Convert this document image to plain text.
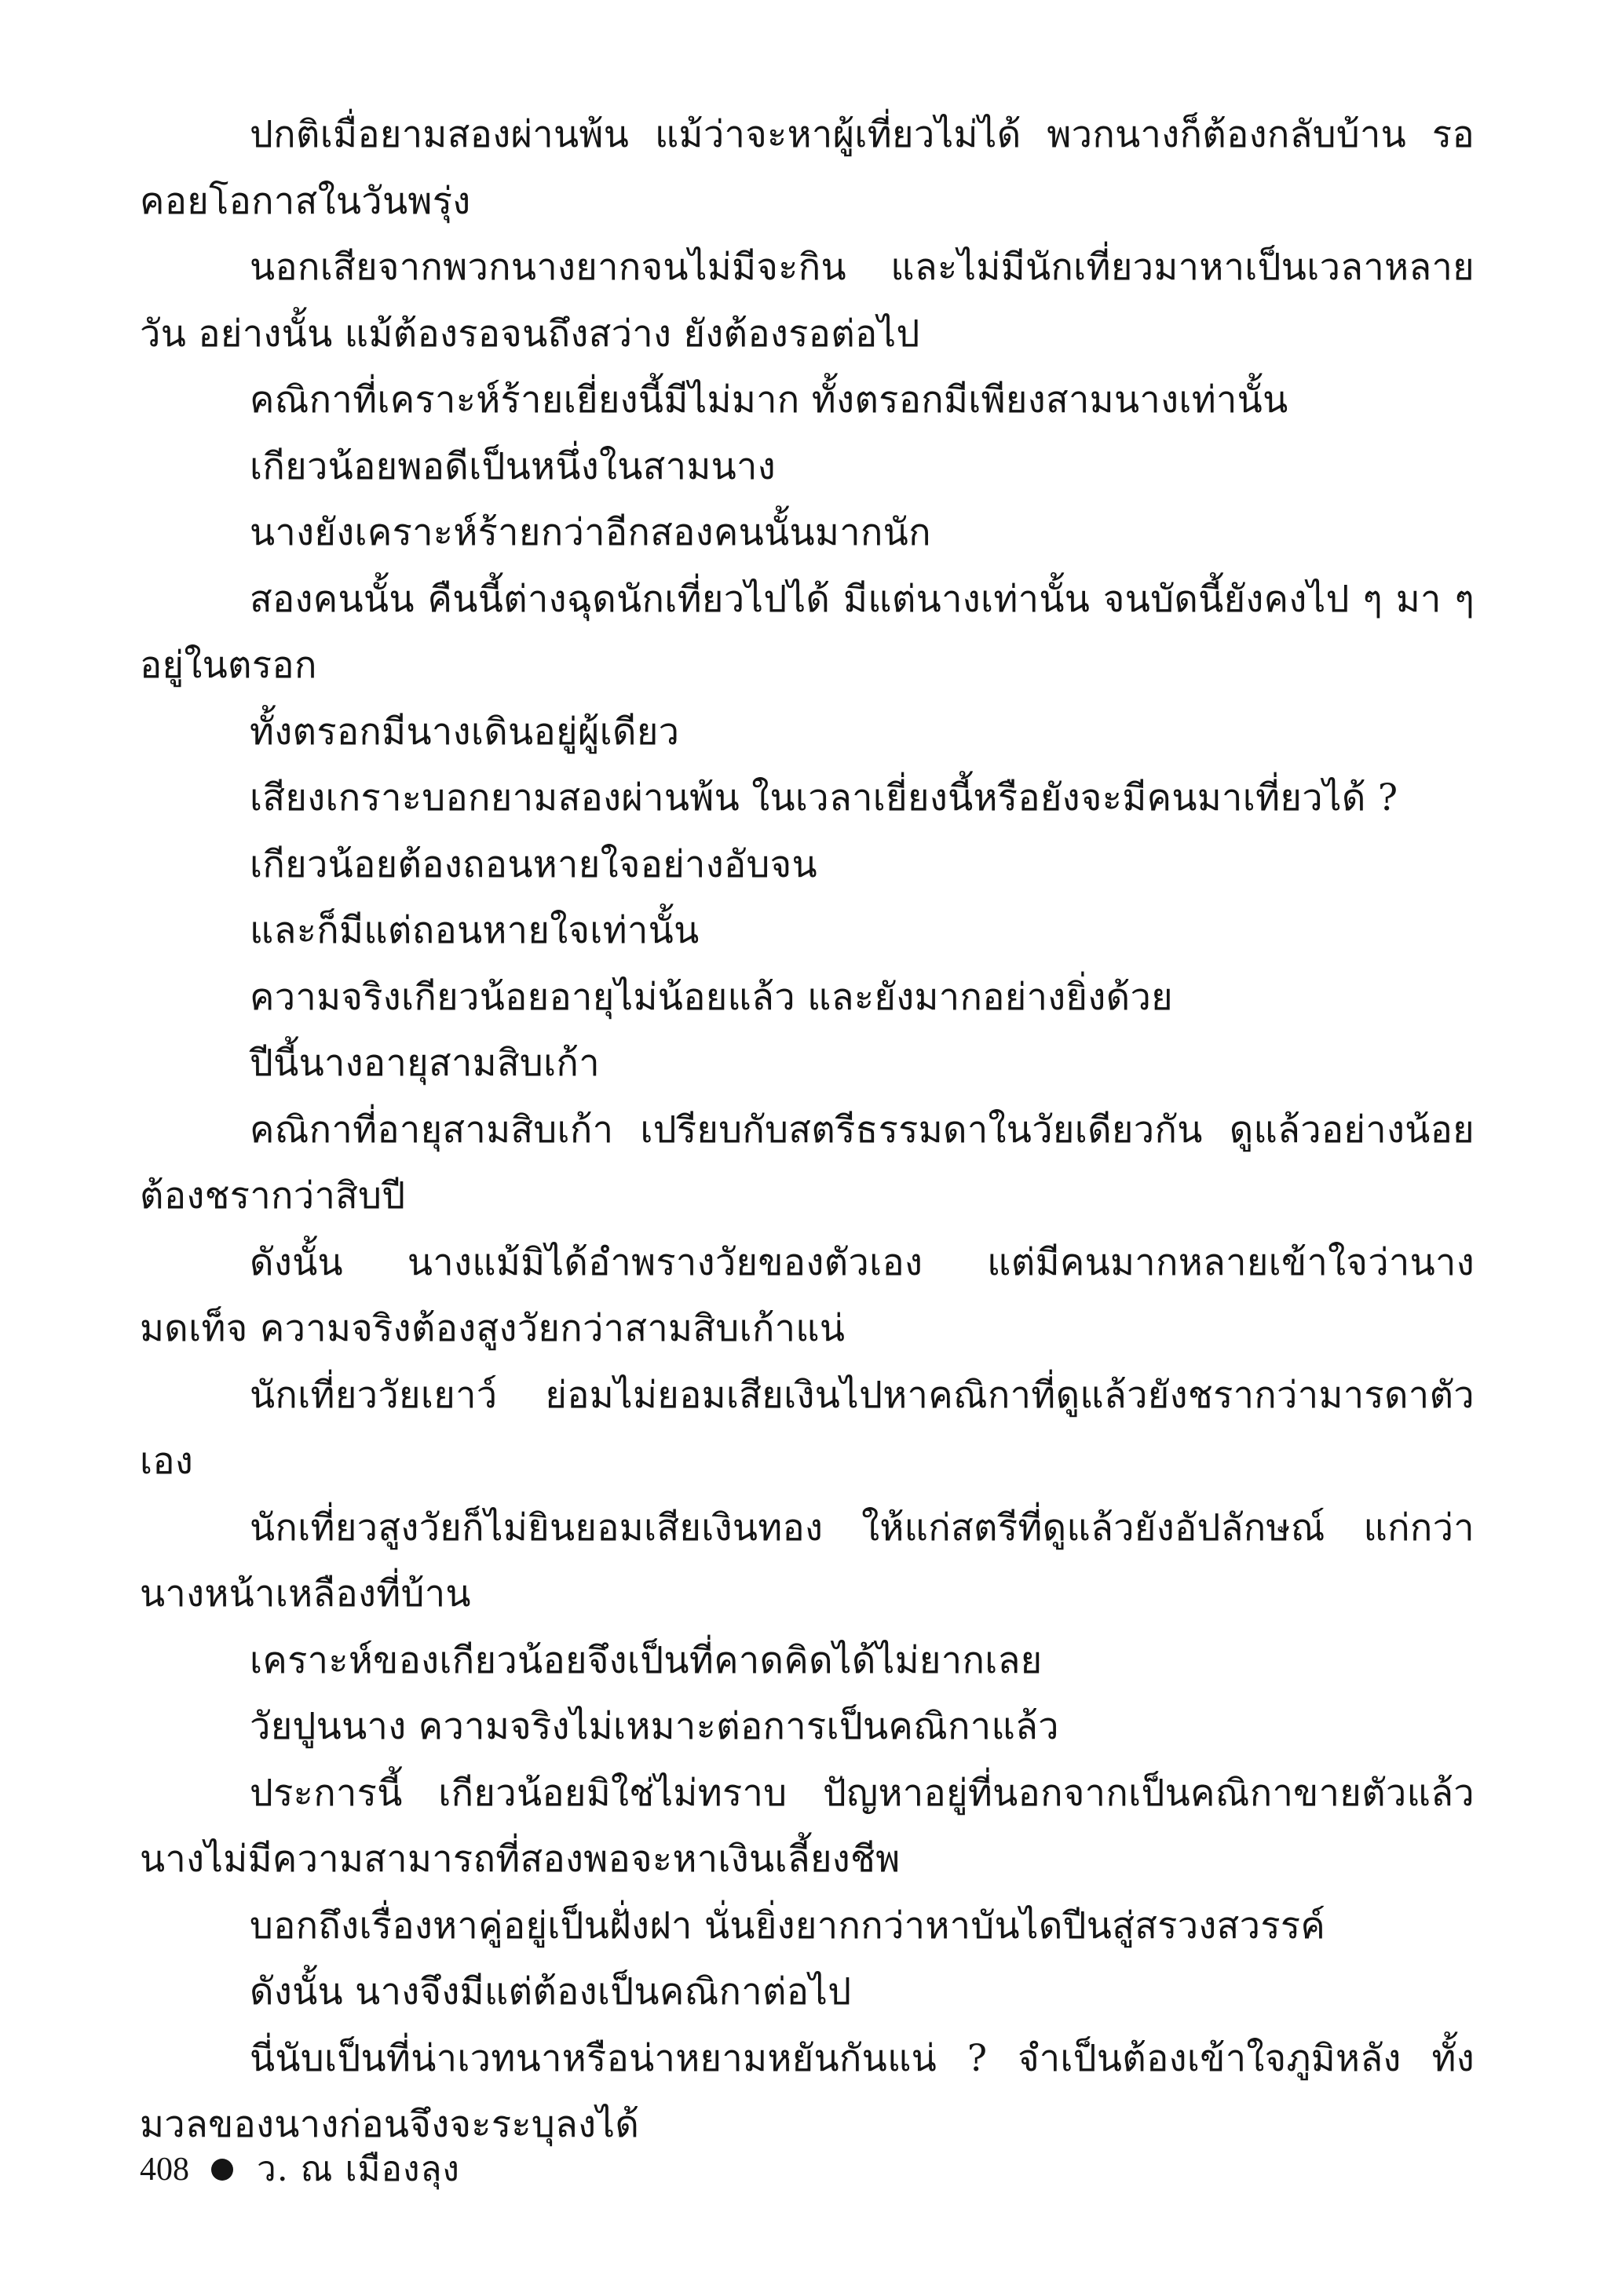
ปกติเมื่อยามสองผ่านพ้น แม้ว่าจะหาผู้เที่ยวไม่ได้ พวกนางก็ต้องกลับบ้าน รอคอยโอกาสในวันพรุ่ง

นอกเสียจากพวกนางยากจนไม่มีจะกิน และไม่มีนักเที่ยวมาหาเป็นเวลาหลายวัน อย่างนั้น แม้ต้องรอจนถึงสว่าง ยังต้องรอต่อไป

คณิกาที่เคราะห์ร้ายเยี่ยงนี้มีไม่มาก ทั้งตรอกมีเพียงสามนางเท่านั้น

เกียวน้อยพอดีเป็นหนึ่งในสามนาง

นางยังเคราะห์ร้ายกว่าอีกสองคนนั้นมากนัก

สองคนนั้น คืนนี้ต่างฉุดนักเที่ยวไปได้ มีแต่นางเท่านั้น จนบัดนี้ยังคงไป ๆ มา ๆ อยู่ในตรอก

ทั้งตรอกมีนางเดินอยู่ผู้เดียว

เสียงเกราะบอกยามสองผ่านพ้น ในเวลาเยี่ยงนี้หรือยังจะมีคนมาเที่ยวได้ ?

เกียวน้อยต้องถอนหายใจอย่างอับจน

และก็มีแต่ถอนหายใจเท่านั้น

ความจริงเกียวน้อยอายุไม่น้อยแล้ว และยังมากอย่างยิ่งด้วย

ปีนี้นางอายุสามสิบเก้า

คณิกาที่อายุสามสิบเก้า เปรียบกับสตรีธรรมดาในวัยเดียวกัน ดูแล้วอย่างน้อย ต้องชรากว่าสิบปี

ดังนั้น นางแม้มิได้อำพรางวัยของตัวเอง แต่มีคนมากหลายเข้าใจว่านางมดเท็จ ความจริงต้องสูงวัยกว่าสามสิบเก้าแน่

นักเที่ยววัยเยาว์ ย่อมไม่ยอมเสียเงินไปหาคณิกาที่ดูแล้วยังชรากว่ามารดาตัวเอง

นักเที่ยวสูงวัยก็ไม่ยินยอมเสียเงินทอง ให้แก่สตรีที่ดูแล้วยังอัปลักษณ์ แก่กว่า นางหน้าเหลืองที่บ้าน

เคราะห์ของเกียวน้อยจึงเป็นที่คาดคิดได้ไม่ยากเลย

วัยปูนนาง ความจริงไม่เหมาะต่อการเป็นคณิกาแล้ว

ประการนี้ เกียวน้อยมิใช่ไม่ทราบ ปัญหาอยู่ที่นอกจากเป็นคณิกาขายตัวแล้ว นางไม่มีความสามารถที่สองพอจะหาเงินเลี้ยงชีพ

บอกถึงเรื่องหาคู่อยู่เป็นฝั่งฝา นั่นยิ่งยากกว่าหาบันไดปีนสู่สรวงสวรรค์

ดังนั้น นางจึงมีแต่ต้องเป็นคณิกาต่อไป

นี่นับเป็นที่น่าเวทนาหรือน่าหยามหยันกันแน่ ? จำเป็นต้องเข้าใจภูมิหลัง ทั้งมวลของนางก่อนจึงจะระบุลงได้

408 ว. ณ เมืองลุง
